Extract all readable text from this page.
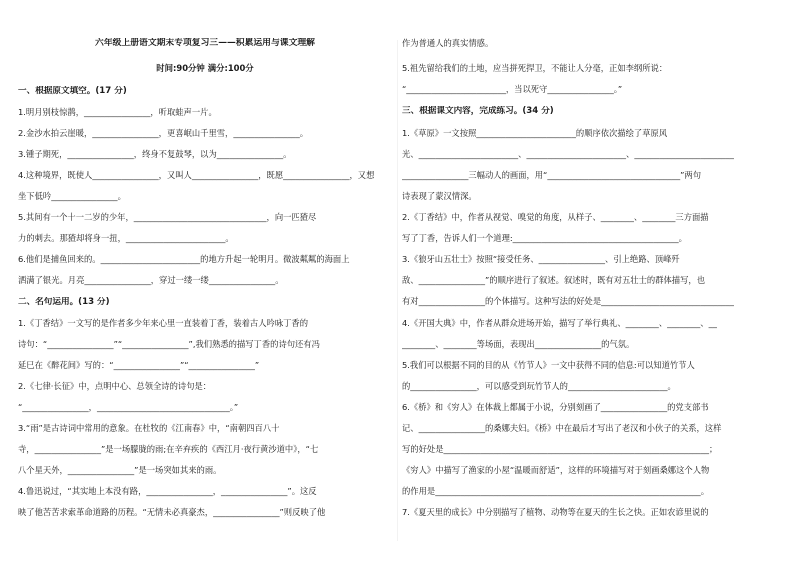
六年级上册语文期末专项复习三——积累运用与课文理解
时间:90分钟 满分:100分
一、根据原文填空。(17 分)
1.明月别枝惊鹊，________________，听取蛙声一片。
2.金沙水拍云崖暖，________________，更喜岷山千里雪，________________。
3.锺子期死，________________，终身不复鼓琴，以为________________。
4.这种境界，既使人________________，又叫人________________，既愿________________，又想
坐下低吟________________。
5.其间有一个十一二岁的少年，________________________________，向一匹猹尽
力的刺去。那猹却将身一扭，________________________。
6.他们是捕鱼回来的。________________________的地方升起一轮明月。微波粼粼的海面上
洒满了银光。月亮________________，穿过一缕一缕________________。
二、名句运用。(13 分)
1.《丁香结》一文写的是作者多少年来心里一直装着丁香，装着古人吟咏丁香的
诗句：“________________”“________________”,我们熟悉的描写丁香的诗句还有冯
延巳在《醉花间》写的：“________________”“________________”
2.《七律·长征》中，点明中心、总领全诗的诗句是：
“________________，________________________________。”
3.“雨”是古诗词中常用的意象。在杜牧的《江南春》中，“南朝四百八十
寺，________________”是一场朦胧的雨;在辛弃疾的《西江月·夜行黄沙道中》，“七
八个星天外，________________”是一场突如其来的雨。
4.鲁迅说过，“其实地上本没有路，________________，________________”。这反
映了他苦苦求索革命道路的历程。“无情未必真豪杰，________________”则反映了他
作为普通人的真实情感。
5.祖先留给我们的土地，应当拼死捍卫，不能让人分毫，正如李纲所说：
“________________________，当以死守________________。”
三、根据课文内容，完成练习。(34 分)
1.《草原》一文按照________________________的顺序依次描绘了草原风
光、________________________、________________________、________________________
________________三幅动人的画面，用“________________________________”两句
诗表现了蒙汉情深。
2.《丁香结》中，作者从视觉、嗅觉的角度，从样子、________、________三方面描
写了丁香，告诉人们一个道理:________________________________________。
3.《狼牙山五壮士》按照“接受任务、________________、引上绝路、顶峰歼
敌、________________”的顺序进行了叙述。叙述时，既有对五壮士的群体描写，也
有对________________的个体描写。这种写法的好处是________________________________
4.《开国大典》中，作者从群众进场开始，描写了举行典礼、________、________、__
________、________等场面，表现出________________的气氛。
5.我们可以根据不同的目的从《竹节人》一文中获得不同的信息:可以知道竹节人
的________________，可以感受到玩竹节人的________________________。
6.《桥》和《穷人》在体裁上都属于小说，分别刻画了________________的党支部书
记、________________的桑娜夫妇。《桥》中在最后才写出了老汉和小伙子的关系，这样
写的好处是________________________________________________________________；
《穷人》中描写了渔家的小屋“温暖而舒适”，这样的环境描写对于刻画桑娜这个人物
的作用是________________________________________________________________。
7.《夏天里的成长》中分别描写了植物、动物等在夏天的生长之快。正如农谚里说的
